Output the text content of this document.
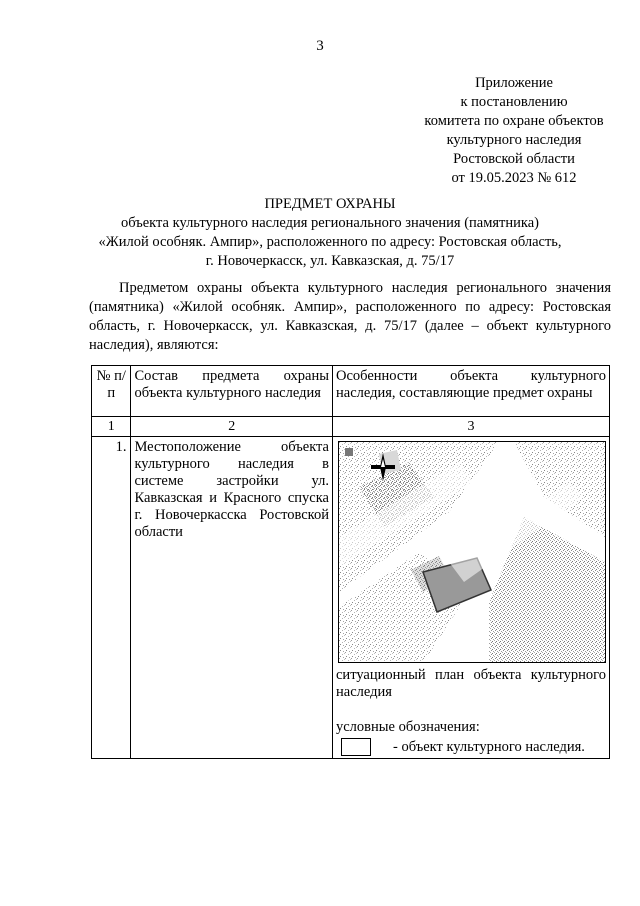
3
Приложение
к постановлению
комитета по охране объектов
культурного наследия
Ростовской области
от 19.05.2023 № 612
ПРЕДМЕТ ОХРАНЫ
объекта культурного наследия регионального значения (памятника)
«Жилой особняк. Ампир», расположенного по адресу: Ростовская область,
г. Новочеркасск, ул. Кавказская, д. 75/17
Предметом охраны объекта культурного наследия регионального значения (памятника) «Жилой особняк. Ампир», расположенного по адресу: Ростовская область, г. Новочеркасск, ул. Кавказская, д. 75/17 (далее – объект культурного наследия), являются:
№ п/п	Состав предмета охраны объекта культурного наследия	Особенности объекта культурного наследия, составляющие предмет охраны
1	2	3
1.	Местоположение объекта культурного наследия в системе застройки ул. Кавказская и Красного спуска г. Новочеркасска Ростовской области	ситуационный план объекта культурного наследия
условные обозначения:
- объект культурного наследия.
